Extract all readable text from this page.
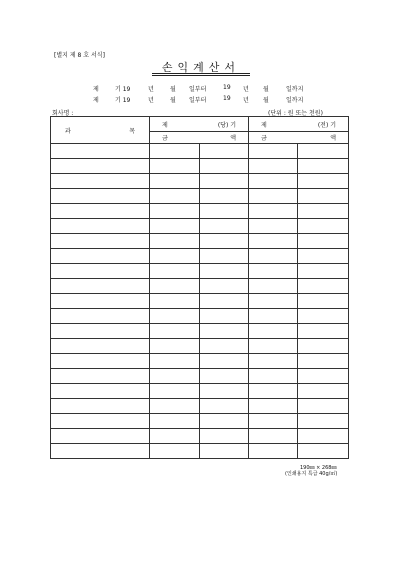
[별지 제 8 호 서식]
손익계산서
제	기 19	년	월 일부터	19 년 월	일까지
제	기 19	년	월 일부터	19 년 월	일까지
회사명 :	(단위 : 원 또는 천원)
과 목	제 (당) 기		제 (전) 기	

	금 액		금 액	

190㎜ × 268㎜
(인쇄용지 특급 40g/㎡)
